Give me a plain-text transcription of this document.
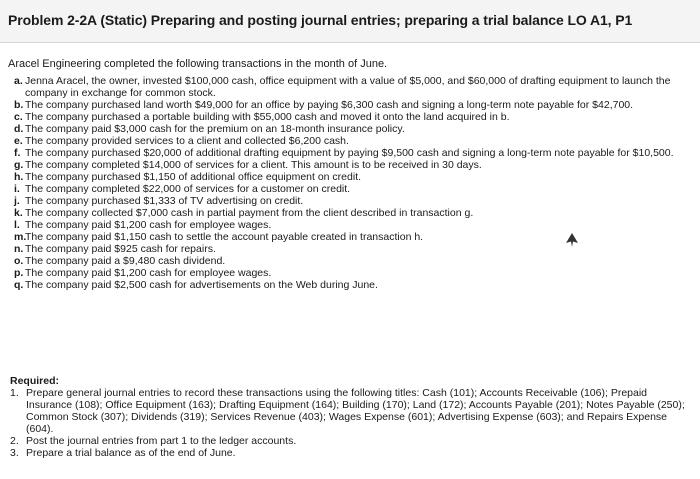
Problem 2-2A (Static) Preparing and posting journal entries; preparing a trial balance LO A1, P1
Aracel Engineering completed the following transactions in the month of June.
a. Jenna Aracel, the owner, invested $100,000 cash, office equipment with a value of $5,000, and $60,000 of drafting equipment to launch the company in exchange for common stock.
b. The company purchased land worth $49,000 for an office by paying $6,300 cash and signing a long-term note payable for $42,700.
c. The company purchased a portable building with $55,000 cash and moved it onto the land acquired in b.
d. The company paid $3,000 cash for the premium on an 18-month insurance policy.
e. The company provided services to a client and collected $6,200 cash.
f. The company purchased $20,000 of additional drafting equipment by paying $9,500 cash and signing a long-term note payable for $10,500.
g. The company completed $14,000 of services for a client. This amount is to be received in 30 days.
h. The company purchased $1,150 of additional office equipment on credit.
i. The company completed $22,000 of services for a customer on credit.
j. The company purchased $1,333 of TV advertising on credit.
k. The company collected $7,000 cash in partial payment from the client described in transaction g.
l. The company paid $1,200 cash for employee wages.
m.
The company paid $1,150 cash to settle the account payable created in transaction h.
n. The company paid $925 cash for repairs.
o. The company paid a $9,480 cash dividend.
p. The company paid $1,200 cash for employee wages.
q. The company paid $2,500 cash for advertisements on the Web during June.
Required:
1. Prepare general journal entries to record these transactions using the following titles: Cash (101); Accounts Receivable (106); Prepaid Insurance (108); Office Equipment (163); Drafting Equipment (164); Building (170); Land (172); Accounts Payable (201); Notes Payable (250); Common Stock (307); Dividends (319); Services Revenue (403); Wages Expense (601); Advertising Expense (603); and Repairs Expense (604).
2. Post the journal entries from part 1 to the ledger accounts.
3. Prepare a trial balance as of the end of June.
